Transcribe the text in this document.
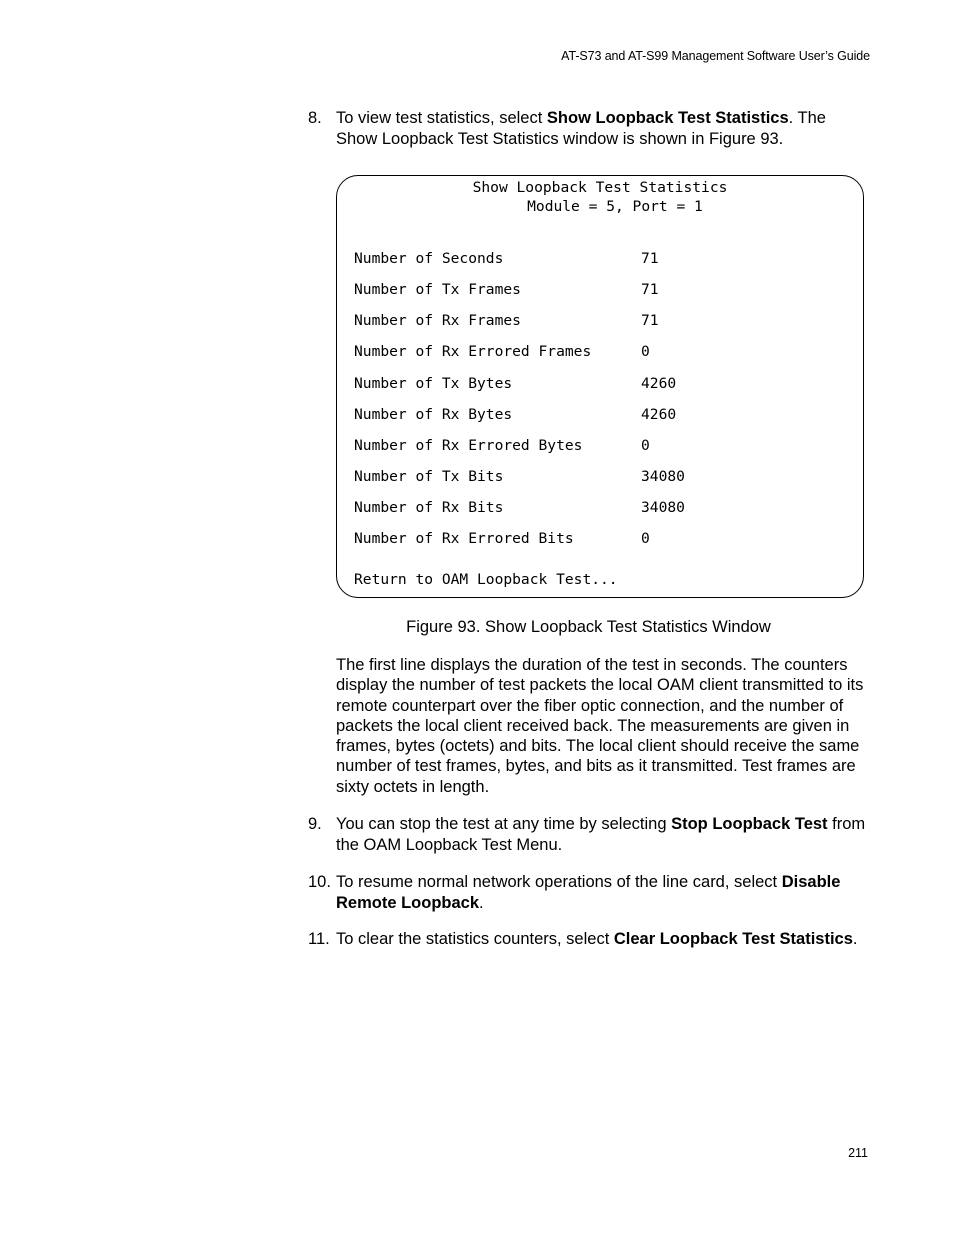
AT-S73 and AT-S99 Management Software User’s Guide
8. To view test statistics, select Show Loopback Test Statistics. The Show Loopback Test Statistics window is shown in Figure 93.
Show Loopback Test Statistics
Module = 5, Port = 1
Number of Seconds	71
Number of Tx Frames	71
Number of Rx Frames	71
Number of Rx Errored Frames	0
Number of Tx Bytes	4260
Number of Rx Bytes	4260
Number of Rx Errored Bytes	0
Number of Tx Bits	34080
Number of Rx Bits	34080
Number of Rx Errored Bits	0
Return to OAM Loopback Test...
Figure 93. Show Loopback Test Statistics Window
The first line displays the duration of the test in seconds. The counters display the number of test packets the local OAM client transmitted to its remote counterpart over the fiber optic connection, and the number of packets the local client received back. The measurements are given in frames, bytes (octets) and bits. The local client should receive the same number of test frames, bytes, and bits as it transmitted. Test frames are sixty octets in length.
9. You can stop the test at any time by selecting Stop Loopback Test from the OAM Loopback Test Menu.
10. To resume normal network operations of the line card, select Disable Remote Loopback.
11. To clear the statistics counters, select Clear Loopback Test Statistics.
211
